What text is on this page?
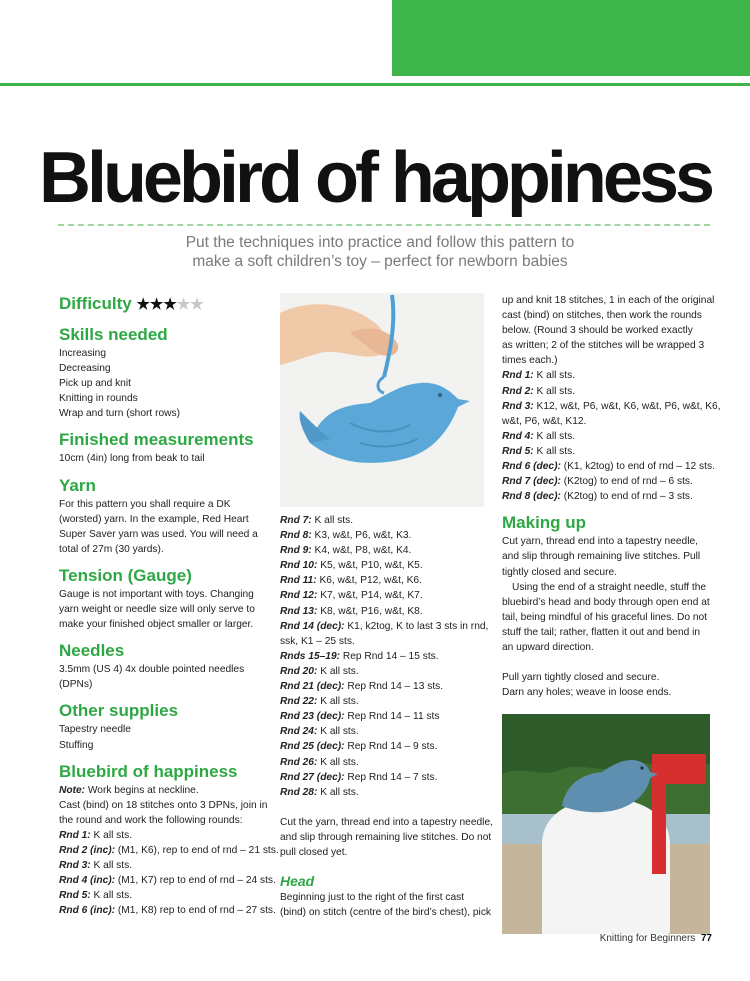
Bluebird of happiness
Put the techniques into practice and follow this pattern to
make a soft children’s toy – perfect for newborn babies
Difficulty ★★★★★
Skills needed
Increasing
Decreasing
Pick up and knit
Knitting in rounds
Wrap and turn (short rows)
Finished measurements
10cm (4in) long from beak to tail
Yarn
For this pattern you shall require a DK
(worsted) yarn. In the example, Red Heart
Super Saver yarn was used. You will need a
total of 27m (30 yards).
Tension (Gauge)
Gauge is not important with toys. Changing
yarn weight or needle size will only serve to
make your finished object smaller or larger.
Needles
3.5mm (US 4) 4x double pointed needles
(DPNs)
Other supplies
Tapestry needle
Stuffing
Bluebird of happiness
Note: Work begins at neckline.
Cast (bind) on 18 stitches onto 3 DPNs, join in
the round and work the following rounds:
Rnd 1: K all sts.
Rnd 2 (inc): (M1, K6), rep to end of rnd – 21 sts.
Rnd 3: K all sts.
Rnd 4 (inc): (M1, K7) rep to end of rnd – 24 sts.
Rnd 5: K all sts.
Rnd 6 (inc): (M1, K8) rep to end of rnd – 27 sts.
Rnd 7: K all sts.
Rnd 8: K3, w&t, P6, w&t, K3.
Rnd 9: K4, w&t, P8, w&t, K4.
Rnd 10: K5, w&t, P10, w&t, K5.
Rnd 11: K6, w&t, P12, w&t, K6.
Rnd 12: K7, w&t, P14, w&t, K7.
Rnd 13: K8, w&t, P16, w&t, K8.
Rnd 14 (dec): K1, k2tog, K to last 3 sts in rnd,
ssk, K1 – 25 sts.
Rnds 15–19: Rep Rnd 14 – 15 sts.
Rnd 20: K all sts.
Rnd 21 (dec): Rep Rnd 14 – 13 sts.
Rnd 22: K all sts.
Rnd 23 (dec): Rep Rnd 14 – 11 sts
Rnd 24: K all sts.
Rnd 25 (dec): Rep Rnd 14 – 9 sts.
Rnd 26: K all sts.
Rnd 27 (dec): Rep Rnd 14 – 7 sts.
Rnd 28: K all sts.
Cut the yarn, thread end into a tapestry needle,
and slip through remaining live stitches. Do not
pull closed yet.
Head
Beginning just to the right of the first cast
(bind) on stitch (centre of the bird’s chest), pick
up and knit 18 stitches, 1 in each of the original
cast (bind) on stitches, then work the rounds
below. (Round 3 should be worked exactly
as written; 2 of the stitches will be wrapped 3
times each.)
Rnd 1: K all sts.
Rnd 2: K all sts.
Rnd 3: K12, w&t, P6, w&t, K6, w&t, P6, w&t, K6,
w&t, P6, w&t, K12.
Rnd 4: K all sts.
Rnd 5: K all sts.
Rnd 6 (dec): (K1, k2tog) to end of rnd – 12 sts.
Rnd 7 (dec): (K2tog) to end of rnd – 6 sts.
Rnd 8 (dec): (K2tog) to end of rnd – 3 sts.
Making up
Cut yarn, thread end into a tapestry needle,
and slip through remaining live stitches. Pull
tightly closed and secure.
Using the end of a straight needle, stuff the
bluebird’s head and body through open end at
tail, being mindful of his graceful lines. Do not
stuff the tail; rather, flatten it out and bend in
an upward direction.
Pull yarn tightly closed and secure.
Darn any holes; weave in loose ends.
Knitting for Beginners 77
